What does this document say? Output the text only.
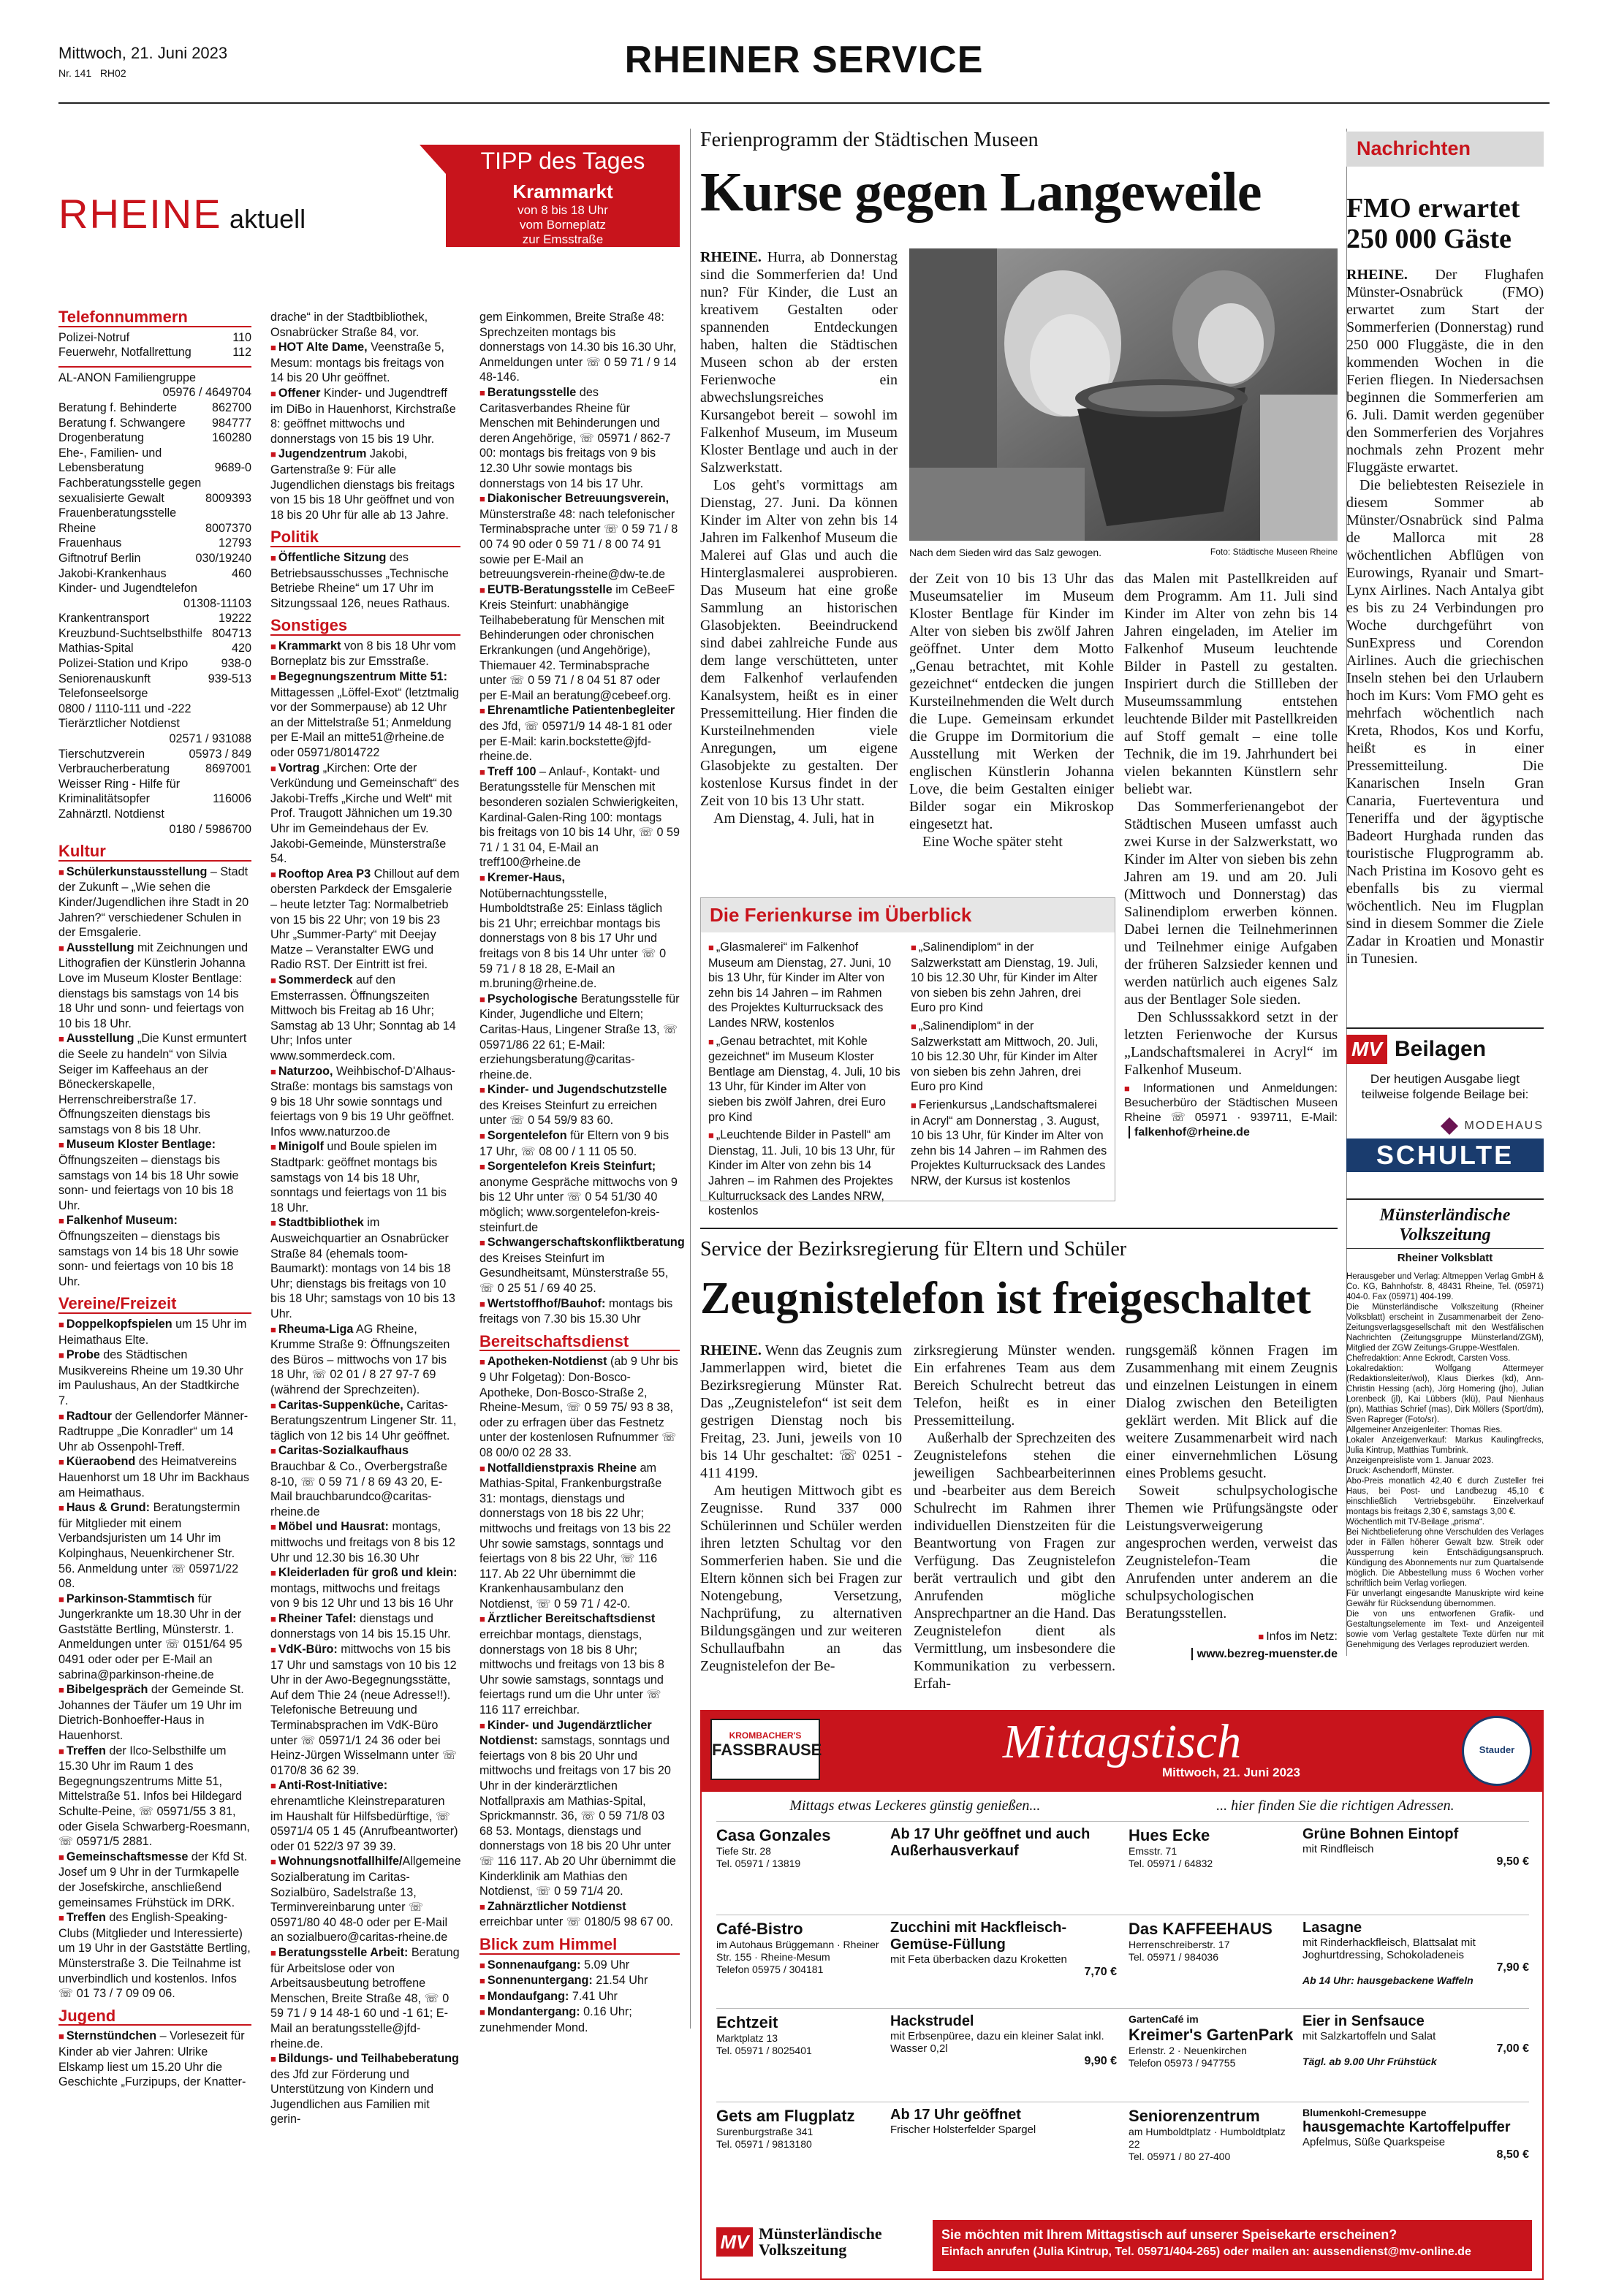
Mittwoch, 21. Juni 2023
Nr. 141 RH02	RHEINER SERVICE
RHEINE aktuell
TIPP des Tages
Krammarkt
von 8 bis 18 Uhr
vom Borneplatz
zur Emsstraße
Telefonnummern
Polizei-Notruf	110
Feuerwehr, Notfallrettung	112
AL-ANON Familiengruppe
05976 / 4649704
Beratung f. Behinderte	862700
Beratung f. Schwangere 984777
Drogenberatung	160280
Ehe-, Familien- und
Lebensberatung	9689-0
Fachberatungsstelle gegen
sexualisierte Gewalt	8009393
Frauenberatungsstelle
Rheine	8007370
Frauenhaus	12793
Giftnotruf Berlin	030/19240
Jakobi-Krankenhaus	460
Kinder- und Jugendtelefon
01308-11103
Krankentransport	19222
Kreuzbund-Suchtselbsthilfe 804713
Mathias-Spital	420
Polizei-Station und Kripo	938-0
Seniorenauskunft	939-513
Telefonseelsorge
0800 / 1110-111 und -222
Tierärztlicher Notdienst
02571 / 931088
Tierschutzverein	05973 / 849
Verbraucherberatung	8697001
Weisser Ring - Hilfe für
Kriminalitätsopfer	116006
Zahnärztl. Notdienst
0180 / 5986700
Kultur

■ Schülerkunstausstellung – Stadt der Zukunft – „Wie sehen die Kinder/Jugendlichen ihre Stadt in 20 Jahren?“ verschiedener Schulen in der Emsgalerie.

■ Ausstellung mit Zeichnungen und Lithografien der Künstlerin Johanna Love im Museum Kloster Bentlage: dienstags bis samstags von 14 bis 18 Uhr und sonn- und feiertags von 10 bis 18 Uhr.

■ Ausstellung „Die Kunst ermuntert die Seele zu handeln“ von Silvia Seiger im Kaffeehaus an der Böneckerskapelle, Herrenschreiberstraße 17. Öffnungszeiten dienstags bis samstags von 8 bis 18 Uhr.

■ Museum Kloster Bentlage: Öffnungszeiten – dienstags bis samstags von 14 bis 18 Uhr sowie sonn- und feiertags von 10 bis 18 Uhr.

■ Falkenhof Museum: Öffnungszeiten – dienstags bis samstags von 14 bis 18 Uhr sowie sonn- und feiertags von 10 bis 18 Uhr.

Vereine/Freizeit

■ Doppelkopfspielen um 15 Uhr im Heimathaus Elte.

■ Probe des Städtischen Musikvereins Rheine um 19.30 Uhr im Paulushaus, An der Stadtkirche 7.

■ Radtour der Gellendorfer Männer-Radtruppe „Die Konradler“ um 14 Uhr ab Ossenpohl-Treff.

■ Küeraobend des Heimatvereins Hauenhorst um 18 Uhr im Backhaus am Heimathaus.

■ Haus & Grund: Beratungstermin für Mitglieder mit einem Verbandsjuristen um 14 Uhr im Kolpinghaus, Neuenkirchener Str. 56. Anmeldung unter ☏ 05971/22 08.

■ Parkinson-Stammtisch für Jungerkrankte um 18.30 Uhr in der Gaststätte Bertling, Münsterstr. 1. Anmeldungen unter ☏ 0151/64 95 0491 oder oder per E-Mail an sabrina@parkinson-rheine.de

■ Bibelgespräch der Gemeinde St. Johannes der Täufer um 19 Uhr im Dietrich-Bonhoeffer-Haus in Hauenhorst.

■ Treffen der Ilco-Selbsthilfe um 15.30 Uhr im Raum 1 des Begegnungszentrums Mitte 51, Mittelstraße 51. Infos bei Hildegard Schulte-Peine, ☏ 05971/55 3 81, oder Gisela Schwarberg-Roesmann, ☏ 05971/5 2881.

■ Gemeinschaftsmesse der Kfd St. Josef um 9 Uhr in der Turmkapelle der Josefskirche, anschließend gemeinsames Frühstück im DRK.

■ Treffen des English-Speaking-Clubs (Mitglieder und Interessierte) um 19 Uhr in der Gaststätte Bertling, Münsterstraße 3. Die Teilnahme ist unverbindlich und kostenlos. Infos ☏ 01 73 / 7 09 09 06.

Jugend

■ Sternstündchen – Vorlesezeit für Kinder ab vier Jahren: Ulrike Elskamp liest um 15.20 Uhr die Geschichte „Furzipups, der Knatter-

drache“ in der Stadtbibliothek, Osnabrücker Straße 84, vor.

■ HOT Alte Dame, Veenstraße 5, Mesum: montags bis freitags von 14 bis 20 Uhr geöffnet.

■ Offener Kinder- und Jugendtreff im DiBo in Hauenhorst, Kirchstraße 8: geöffnet mittwochs und donnerstags von 15 bis 19 Uhr.

■ Jugendzentrum Jakobi, Gartenstraße 9: Für alle Jugendlichen dienstags bis freitags von 15 bis 18 Uhr geöffnet und von 18 bis 20 Uhr für alle ab 13 Jahre.

Politik

■ Öffentliche Sitzung des Betriebsausschusses „Technische Betriebe Rheine“ um 17 Uhr im Sitzungssaal 126, neues Rathaus.

Sonstiges

■ Krammarkt von 8 bis 18 Uhr vom Borneplatz bis zur Emsstraße.

■ Begegnungszentrum Mitte 51: Mittagessen „Löffel-Exot“ (letztmalig vor der Sommerpause) ab 12 Uhr an der Mittelstraße 51; Anmeldung per E-Mail an mitte51@rheine.de oder 05971/8014722

■ Vortrag „Kirchen: Orte der Verkündung und Gemeinschaft“ des Jakobi-Treffs „Kirche und Welt“ mit Prof. Traugott Jähnichen um 19.30 Uhr im Gemeindehaus der Ev. Jakobi-Gemeinde, Münsterstraße 54.

■ Rooftop Area P3 Chillout auf dem obersten Parkdeck der Emsgalerie – heute letzter Tag: Normalbetrieb von 15 bis 22 Uhr; von 19 bis 23 Uhr „Summer-Party“ mit Deejay Matze – Veranstalter EWG und Radio RST. Der Eintritt ist frei.

■ Sommerdeck auf den Emsterrassen. Öffnungszeiten Mittwoch bis Freitag ab 16 Uhr; Samstag ab 13 Uhr; Sonntag ab 14 Uhr; Infos unter www.sommerdeck.com.

■ Naturzoo, Weihbischof-D'Alhaus-Straße: montags bis samstags von 9 bis 18 Uhr sowie sonntags und feiertags von 9 bis 19 Uhr geöffnet. Infos www.naturzoo.de

■ Minigolf und Boule spielen im Stadtpark: geöffnet montags bis samstags von 14 bis 18 Uhr, sonntags und feiertags von 11 bis 18 Uhr.

■ Stadtbibliothek im Ausweichquartier an Osnabrücker Straße 84 (ehemals toom-Baumarkt): montags von 14 bis 18 Uhr; dienstags bis freitags von 10 bis 18 Uhr; samstags von 10 bis 13 Uhr.

■ Rheuma-Liga AG Rheine, Krumme Straße 9: Öffnungszeiten des Büros – mittwochs von 17 bis 18 Uhr, ☏ 02 01 / 8 27 97-7 69 (während der Sprechzeiten).

■ Caritas-Suppenküche, Caritas-Beratungszentrum Lingener Str. 11, täglich von 12 bis 14 Uhr geöffnet.

■ Caritas-Sozialkaufhaus Brauchbar & Co., Overbergstraße 8-10, ☏ 0 59 71 / 8 69 43 20, E-Mail brauchbarundco@caritas-rheine.de

■ Möbel und Hausrat: montags, mittwochs und freitags von 8 bis 12 Uhr und 12.30 bis 16.30 Uhr

■ Kleiderladen für groß und klein: montags, mittwochs und freitags von 9 bis 12 Uhr und 13 bis 16 Uhr

■ Rheiner Tafel: dienstags und donnerstags von 14 bis 15.15 Uhr.

■ VdK-Büro: mittwochs von 15 bis 17 Uhr und samstags von 10 bis 12 Uhr in der Awo-Begegnungsstätte, Auf dem Thie 24 (neue Adresse!!). Telefonische Betreuung und Terminabsprachen im VdK-Büro unter ☏ 05971/1 24 36 oder bei Heinz-Jürgen Wisselmann unter ☏ 0170/8 36 62 39.

■ Anti-Rost-Initiative: ehrenamtliche Kleinstreparaturen im Haushalt für Hilfsbedürftige, ☏ 05971/4 05 1 45 (Anrufbeantworter) oder 01 522/3 97 39 39.

■ Wohnungsnotfallhilfe/Allgemeine Sozialberatung im Caritas-Sozialbüro, Sadelstraße 13, Terminvereinbarung unter ☏ 05971/80 40 48-0 oder per E-Mail an sozialbuero@caritas-rheine.de

■ Beratungsstelle Arbeit: Beratung für Arbeitslose oder von Arbeitsausbeutung betroffene Menschen, Breite Straße 48, ☏ 0 59 71 / 9 14 48-1 60 und -1 61; E-Mail an beratungsstelle@jfd-rheine.de.

■ Bildungs- und Teilhabeberatung des Jfd zur Förderung und Unterstützung von Kindern und Jugendlichen aus Familien mit gerin-

gem Einkommen, Breite Straße 48: Sprechzeiten montags bis donnerstags von 14.30 bis 16.30 Uhr, Anmeldungen unter ☏ 0 59 71 / 9 14 48-146.

■ Beratungsstelle des Caritasverbandes Rheine für Menschen mit Behinderungen und deren Angehörige, ☏ 05971 / 862-7 00: montags bis freitags von 9 bis 12.30 Uhr sowie montags bis donnerstags von 14 bis 17 Uhr.

■ Diakonischer Betreuungsverein, Münsterstraße 48: nach telefonischer Terminabsprache unter ☏ 0 59 71 / 8 00 74 90 oder 0 59 71 / 8 00 74 91 sowie per E-Mail an betreuungsverein-rheine@dw-te.de

■ EUTB-Beratungsstelle im CeBeeF Kreis Steinfurt: unabhängige Teilhabeberatung für Menschen mit Behinderungen oder chronischen Erkrankungen (und Angehörige), Thiemauer 42. Terminabsprache unter ☏ 0 59 71 / 8 04 51 87 oder per E-Mail an beratung@cebeef.org.

■ Ehrenamtliche Patientenbegleiter des Jfd, ☏ 05971/9 14 48-1 81 oder per E-Mail: karin.bockstette@jfd-rheine.de.

■ Treff 100 – Anlauf-, Kontakt- und Beratungsstelle für Menschen mit besonderen sozialen Schwierigkeiten, Kardinal-Galen-Ring 100: montags bis freitags von 10 bis 14 Uhr, ☏ 0 59 71 / 1 31 04, E-Mail an treff100@rheine.de

■ Kremer-Haus, Notübernachtungsstelle, Humboldtstraße 25: Einlass täglich bis 21 Uhr; erreichbar montags bis donnerstags von 8 bis 17 Uhr und freitags von 8 bis 14 Uhr unter ☏ 0 59 71 / 8 18 28, E-Mail an m.bruning@rheine.de.

■ Psychologische Beratungsstelle für Kinder, Jugendliche und Eltern; Caritas-Haus, Lingener Straße 13, ☏ 05971/86 22 61; E-Mail: erziehungsberatung@caritas-rheine.de.

■ Kinder- und Jugendschutzstelle des Kreises Steinfurt zu erreichen unter ☏ 0 54 59/9 83 60.

■ Sorgentelefon für Eltern von 9 bis 17 Uhr, ☏ 08 00 / 1 11 05 50.

■ Sorgentelefon Kreis Steinfurt; anonyme Gespräche mittwochs von 9 bis 12 Uhr unter ☏ 0 54 51/30 40 möglich; www.sorgentelefon-kreis-steinfurt.de

■ Schwangerschaftskonfliktberatung des Kreises Steinfurt im Gesundheitsamt, Münsterstraße 55, ☏ 0 25 51 / 69 40 25.

■ Wertstoffhof/Bauhof: montags bis freitags von 7.30 bis 15.30 Uhr

Bereitschaftsdienst

■ Apotheken-Notdienst (ab 9 Uhr bis 9 Uhr Folgetag): Don-Bosco-Apotheke, Don-Bosco-Straße 2, Rheine-Mesum, ☏ 0 59 75/ 93 8 38, oder zu erfragen über das Festnetz unter der kostenlosen Rufnummer ☏ 08 00/0 02 28 33.

■ Notfalldienstpraxis Rheine am Mathias-Spital, Frankenburgstraße 31: montags, dienstags und donnerstags von 18 bis 22 Uhr; mittwochs und freitags von 13 bis 22 Uhr sowie samstags, sonntags und feiertags von 8 bis 22 Uhr, ☏ 116 117. Ab 22 Uhr übernimmt die Krankenhausambulanz den Notdienst, ☏ 0 59 71 / 42-0.

■ Ärztlicher Bereitschaftsdienst erreichbar montags, dienstags, donnerstags von 18 bis 8 Uhr; mittwochs und freitags von 13 bis 8 Uhr sowie samstags, sonntags und feiertags rund um die Uhr unter ☏ 116 117 erreichbar.

■ Kinder- und Jugendärztlicher Notdienst: samstags, sonntags und feiertags von 8 bis 20 Uhr und mittwochs und freitags von 17 bis 20 Uhr in der kinderärztlichen Notfallpraxis am Mathias-Spital, Sprickmannstr. 36, ☏ 0 59 71/8 03 68 53. Montags, dienstags und donnerstags von 18 bis 20 Uhr unter ☏ 116 117. Ab 20 Uhr übernimmt die Kinderklinik am Mathias den Notdienst, ☏ 0 59 71/4 20.

■ Zahnärztlicher Notdienst erreichbar unter ☏ 0180/5 98 67 00.

Blick zum Himmel

■ Sonnenaufgang: 5.09 Uhr

■ Sonnenuntergang: 21.54 Uhr

■ Mondaufgang: 7.41 Uhr

■ Mondantergang: 0.16 Uhr; zunehmender Mond.

Ferienprogramm der Städtischen Museen
Kurse gegen Langeweile

RHEINE. Hurra, ab Donnerstag sind die Sommerferien da! Und nun? Für Kinder, die Lust an kreativem Gestalten oder spannenden Entdeckungen haben, halten die Städtischen Museen schon ab der ersten Ferienwoche ein abwechslungsreiches Kursangebot bereit – sowohl im Falkenhof Museum, im Museum Kloster Bentlage und auch in der Salzwerkstatt.

Los geht's vormittags am Dienstag, 27. Juni. Da können Kinder im Alter von zehn bis 14 Jahren im Falkenhof Museum die Malerei auf Glas und auch die Hinterglasmalerei ausprobieren. Das Museum hat eine große Sammlung an historischen Glasobjekten. Beeindruckend sind dabei zahlreiche Funde aus dem lange verschütteten, unter dem Falkenhof verlaufenden Kanalsystem, heißt es in einer Pressemitteilung. Hier finden die Kursteilnehmenden viele Anregungen, um eigene Glasobjekte zu gestalten. Der kostenlose Kursus findet in der Zeit von 10 bis 13 Uhr statt.

Am Dienstag, 4. Juli, hat in

Nach dem Sieden wird das Salz gewogen.	Foto: Städtische Museen Rheine

der Zeit von 10 bis 13 Uhr das Museumsatelier im Museum Kloster Bentlage für Kinder im Alter von sieben bis zwölf Jahren geöffnet. Unter dem Motto „Genau betrachtet, mit Kohle gezeichnet“ entdecken die jungen Kursteilnehmenden die Welt durch die Lupe. Gemeinsam erkundet die Gruppe im Dormitorium die Ausstellung mit Werken der englischen Künstlerin Johanna Love, die beim Gestalten einiger Bilder sogar ein Mikroskop eingesetzt hat.

Eine Woche später steht

das Malen mit Pastellkreiden auf dem Programm. Am 11. Juli sind Kinder im Alter von zehn bis 14 Jahren eingeladen, im Atelier im Falkenhof Museum leuchtende Bilder in Pastell zu gestalten. Inspiriert durch die Stillleben der Museumssammlung entstehen leuchtende Bilder mit Pastellkreiden auf Stoff gemalt – eine tolle Technik, die im 19. Jahrhundert bei vielen bekannten Künstlern sehr beliebt war.

Das Sommerferienangebot der Städtischen Museen umfasst auch zwei Kurse in der Salzwerkstatt, wo Kinder im Alter von sieben bis zehn Jahren am 19. und am 20. Juli (Mittwoch und Donnerstag) das Salinendiplom erwerben können. Dabei lernen die Teilnehmerinnen und Teilnehmer einige Aufgaben der früheren Salzsieder kennen und werden natürlich auch eigenes Salz aus der Bentlager Sole sieden.

Den Schlusssakkord setzt in der letzten Ferienwoche der Kursus „Landschaftsmalerei in Acryl“ im Falkenhof Museum.

■ Informationen und Anmeldungen: Besucherbüro der Städtischen Museen Rheine ☏ 05971 · 939711, E-Mail: falkenhof@rheine.de

Die Ferienkurse im Überblick

■ „Glasmalerei“ im Falkenhof Museum am Dienstag, 27. Juni, 10 bis 13 Uhr, für Kinder im Alter von zehn bis 14 Jahren – im Rahmen des Projektes Kulturrucksack des Landes NRW, kostenlos

■ „Genau betrachtet, mit Kohle gezeichnet“ im Museum Kloster Bentlage am Dienstag, 4. Juli, 10 bis 13 Uhr, für Kinder im Alter von sieben bis zwölf Jahren, drei Euro pro Kind

■ „Leuchtende Bilder in Pastell“ am Dienstag, 11. Juli, 10 bis 13 Uhr, für Kinder im Alter von zehn bis 14 Jahren – im Rahmen des Projektes Kulturrucksack des Landes NRW, kostenlos

■ „Salinendiplom“ in der Salzwerkstatt am Dienstag, 19. Juli, 10 bis 12.30 Uhr, für Kinder im Alter von sieben bis zehn Jahren, drei Euro pro Kind

■ „Salinendiplom“ in der Salzwerkstatt am Mittwoch, 20. Juli, 10 bis 12.30 Uhr, für Kinder im Alter von sieben bis zehn Jahren, drei Euro pro Kind

■ Ferienkursus „Landschaftsmalerei in Acryl“ am Donnerstag , 3. August, 10 bis 13 Uhr, für Kinder im Alter von zehn bis 14 Jahren – im Rahmen des Projektes Kulturrucksack des Landes NRW, der Kursus ist kostenlos

Service der Bezirksregierung für Eltern und Schüler
Zeugnistelefon ist freigeschaltet

RHEINE. Wenn das Zeugnis zum Jammerlappen wird, bietet die Bezirksregierung Münster Rat. Das „Zeugnistelefon“ ist seit dem gestrigen Dienstag noch bis Freitag, 23. Juni, jeweils von 10 bis 14 Uhr geschaltet: ☏ 0251 - 411 4199.

Am heutigen Mittwoch gibt es Zeugnisse. Rund 337 000 Schülerinnen und Schüler werden ihren letzten Schultag vor den Sommerferien haben. Sie und die Eltern können sich bei Fragen zur Notengebung, Versetzung, Nachprüfung, zu alternativen Bildungsgängen und zur weiteren Schullaufbahn an das Zeugnistelefon der Be-

zirksregierung Münster wenden. Ein erfahrenes Team aus dem Bereich Schulrecht betreut das Telefon, heißt es in einer Pressemitteilung.

Außerhalb der Sprechzeiten des Zeugnistelefons stehen die jeweiligen Sachbearbeiterinnen und -bearbeiter aus dem Bereich Schulrecht im Rahmen ihrer individuellen Dienstzeiten für die Beantwortung von Fragen zur Verfügung. Das Zeugnistelefon berät vertraulich und gibt den Anrufenden mögliche Ansprechpartner an die Hand. Das Zeugnistelefon dient als Vermittlung, um insbesondere die Kommunikation zu verbessern. Erfah-

rungsgemäß können Fragen im Zusammenhang mit einem Zeugnis und einzelnen Leistungen in einem Dialog zwischen den Beteiligten geklärt werden. Mit Blick auf die weitere Zusammenarbeit wird nach einer einvernehmlichen Lösung eines Problems gesucht.

Soweit schulpsychologische Themen wie Prüfungsängste oder Leistungsverweigerung angesprochen werden, verweist das Zeugnistelefon-Team die Anrufenden unter anderem an die schulpsychologischen Beratungsstellen.

■ Infos im Netz:

www.bezreg-muenster.de

Nachrichten
FMO erwartet 250 000 Gäste

RHEINE. Der Flughafen Münster-Osnabrück (FMO) erwartet zum Start der Sommerferien (Donnerstag) rund 250 000 Fluggäste, die in den kommenden Wochen in die Ferien fliegen. In Niedersachsen beginnen die Sommerferien am 6. Juli. Damit werden gegenüber den Sommerferien des Vorjahres nochmals zehn Prozent mehr Fluggäste erwartet.

Die beliebtesten Reiseziele in diesem Sommer ab Münster/Osnabrück sind Palma de Mallorca mit 28 wöchentlichen Abflügen von Eurowings, Ryanair und Smart-Lynx Airlines. Nach Antalya gibt es bis zu 24 Verbindungen pro Woche durchgeführt von SunExpress und Corendon Airlines. Auch die griechischen Inseln stehen bei den Urlaubern hoch im Kurs: Vom FMO geht es mehrfach wöchentlich nach Kreta, Rhodos, Kos und Korfu, heißt es in einer Pressemitteilung. Die Kanarischen Inseln Gran Canaria, Fuerteventura und Teneriffa und der ägyptische Badeort Hurghada runden das touristische Flugprogramm ab. Nach Pristina im Kosovo geht es ebenfalls bis zu viermal wöchentlich. Neu im Flugplan sind in diesem Sommer die Ziele Zadar in Kroatien und Monastir in Tunesien.

MV Beilagen
Der heutigen Ausgabe liegt teilweise folgende Beilage bei:
MODEHAUS
SCHULTE
Münsterländische Volkszeitung
Rheiner Volksblatt

Herausgeber und Verlag: Altmeppen Verlag GmbH & Co. KG, Bahnhofstr. 8, 48431 Rheine, Tel. (05971) 404-0. Fax (05971) 404-199.

Die Münsterländische Volkszeitung (Rheiner Volksblatt) erscheint in Zusammenarbeit der Zeno-Zeitungsverlagsgesellschaft mit den Westfälischen Nachrichten (Zeitungsgruppe Münsterland/ZGM), Mitglied der ZGW Zeitungs-Gruppe-Westfalen.

Chefredaktion: Anne Eckrodt, Carsten Voss.

Lokalredaktion: Wolfgang Attermeyer (Redaktionsleiter/wol), Klaus Dierkes (kd), Ann-Christin Hessing (ach), Jörg Homering (jho), Julian Lorenbeck (jl), Kai Lübbers (klü), Paul Nienhaus (pn), Matthias Schrief (mas), Dirk Möllers (Sport/dm), Sven Rapreger (Foto/sr).

Allgemeiner Anzeigenleiter: Thomas Ries.

Lokaler Anzeigenverkauf: Markus Kaulingfrecks, Julia Kintrup, Matthias Tumbrink.

Anzeigenpreisliste vom 1. Januar 2023.

Druck: Aschendorff, Münster.

Abo-Preis monatlich 42,40 € durch Zusteller frei Haus, bei Post- und Landbezug 45,10 € einschließlich Vertriebsgebühr. Einzelverkauf montags bis freitags 2,30 €, samstags 3,00 €.

Wöchentlich mit TV-Beilage „prisma“.

Bei Nichtbelieferung ohne Verschulden des Verlages oder in Fällen höherer Gewalt bzw. Streik oder Aussperrung kein Entschädigungsanspruch. Kündigung des Abonnements nur zum Quartalsende möglich. Die Abbestellung muss 6 Wochen vorher schriftlich beim Verlag vorliegen.

Für unverlangt eingesandte Manuskripte wird keine Gewähr für Rücksendung übernommen.

Die von uns entworfenen Grafik- und Gestaltungselemente im Text- und Anzeigenteil sowie vom Verlag gestaltete Texte dürfen nur mit Genehmigung des Verlages reproduziert werden.

KROMBACHER'S
FASSBRAUSE	Mittagstisch
Mittwoch, 21. Juni 2023
Stauder
Mittags etwas Leckeres günstig genießen...	... hier finden Sie die richtigen Adressen.
Casa Gonzales
Tiefe Str. 28
Tel. 05971 / 13819
Ab 17 Uhr geöffnet und auch Außerhausverkauf
Hues Ecke
Emsstr. 71
Tel. 05971 / 64832
Grüne Bohnen Eintopf
mit Rindfleisch
9,50 €
Café-Bistro
im Autohaus Brüggemann · Rheiner Str. 155 · Rheine-Mesum
Telefon 05975 / 304181
Zucchini mit Hackfleisch-Gemüse-Füllung
mit Feta überbacken dazu Kroketten
7,70 €
Das KAFFEEHAUS
Herrenschreiberstr. 17
Tel. 05971 / 984036
Lasagne
mit Rinderhackfleisch, Blattsalat mit Joghurtdressing, Schokoladeneis
7,90 €
Ab 14 Uhr: hausgebackene Waffeln
Echtzeit
Marktplatz 13
Tel. 05971 / 8025401
Hackstrudel
mit Erbsenpüree, dazu ein kleiner Salat inkl. Wasser 0,2l
9,90 €
GartenCafé im
Kreimer's GartenPark
Erlenstr. 2 · Neuenkirchen
Telefon 05973 / 947755
Eier in Senfsauce
mit Salzkartoffeln und Salat
7,00 €
Tägl. ab 9.00 Uhr Frühstück
Gets am Flugplatz
Surenburgstraße 341
Tel. 05971 / 9813180
Ab 17 Uhr geöffnet
Frischer Holsterfelder Spargel
Seniorenzentrum
am Humboldtplatz · Humboldtplatz 22
Tel. 05971 / 80 27-400
Blumenkohl-Cremesuppe
hausgemachte Kartoffelpuffer
Apfelmus, Süße Quarkspeise
8,50 €
MV Münsterländische
Volkszeitung
Sie möchten mit Ihrem Mittagstisch auf unserer Speisekarte erscheinen?
Einfach anrufen (Julia Kintrup, Tel. 05971/404-265) oder mailen an: aussendienst@mv-online.de
